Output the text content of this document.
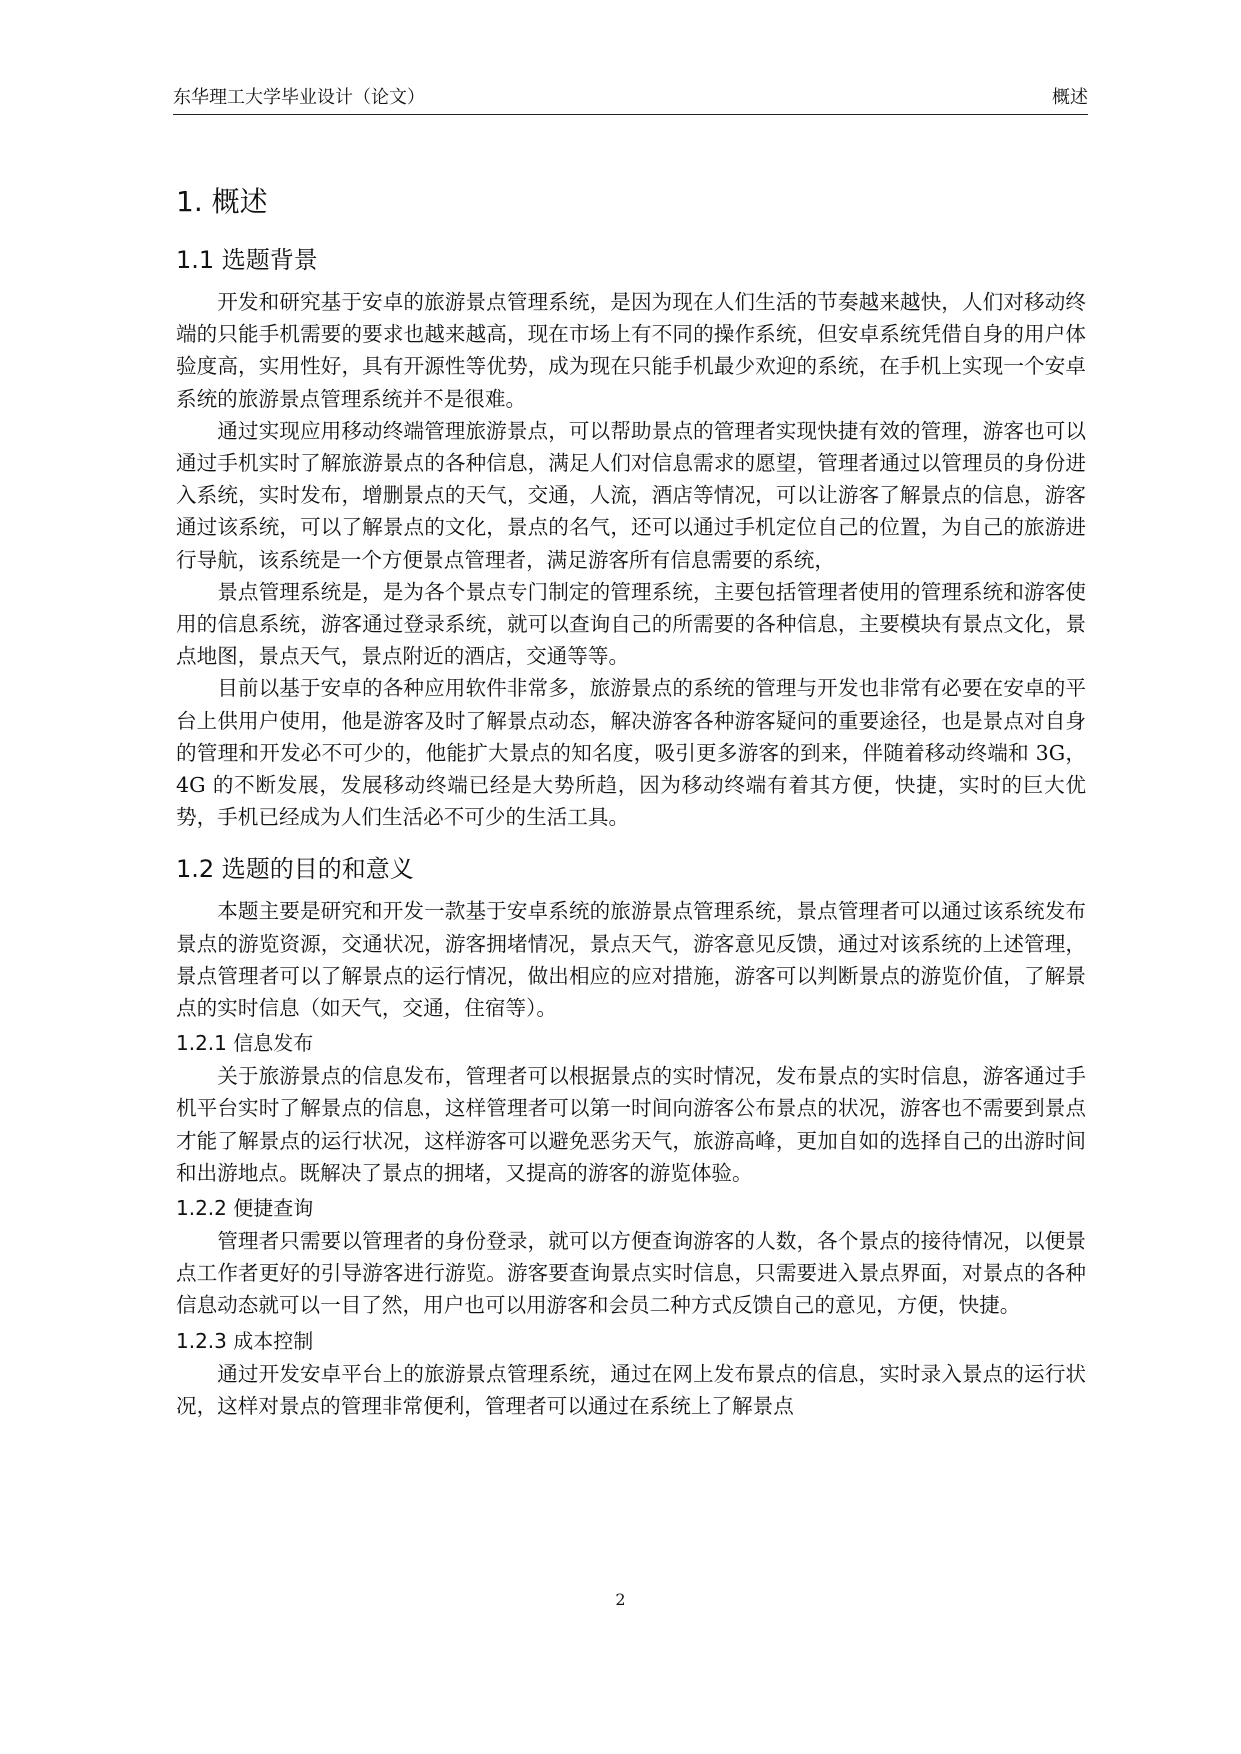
东华理工大学毕业设计（论文）	概述
1. 概述
1.1 选题背景

开发和研究基于安卓的旅游景点管理系统，是因为现在人们生活的节奏越来越快，人们对移动终端的只能手机需要的要求也越来越高，现在市场上有不同的操作系统，但安卓系统凭借自身的用户体验度高，实用性好，具有开源性等优势，成为现在只能手机最少欢迎的系统，在手机上实现一个安卓系统的旅游景点管理系统并不是很难。

通过实现应用移动终端管理旅游景点，可以帮助景点的管理者实现快捷有效的管理，游客也可以通过手机实时了解旅游景点的各种信息，满足人们对信息需求的愿望，管理者通过以管理员的身份进入系统，实时发布，增删景点的天气，交通，人流，酒店等情况，可以让游客了解景点的信息，游客通过该系统，可以了解景点的文化，景点的名气，还可以通过手机定位自己的位置，为自己的旅游进行导航，该系统是一个方便景点管理者，满足游客所有信息需要的系统，

景点管理系统是，是为各个景点专门制定的管理系统，主要包括管理者使用的管理系统和游客使用的信息系统，游客通过登录系统，就可以查询自己的所需要的各种信息，主要模块有景点文化，景点地图，景点天气，景点附近的酒店，交通等等。

目前以基于安卓的各种应用软件非常多，旅游景点的系统的管理与开发也非常有必要在安卓的平台上供用户使用，他是游客及时了解景点动态，解决游客各种游客疑问的重要途径，也是景点对自身的管理和开发必不可少的，他能扩大景点的知名度，吸引更多游客的到来，伴随着移动终端和 3G，4G 的不断发展，发展移动终端已经是大势所趋，因为移动终端有着其方便，快捷，实时的巨大优势，手机已经成为人们生活必不可少的生活工具。

1.2 选题的目的和意义

本题主要是研究和开发一款基于安卓系统的旅游景点管理系统，景点管理者可以通过该系统发布景点的游览资源，交通状况，游客拥堵情况，景点天气，游客意见反馈，通过对该系统的上述管理，景点管理者可以了解景点的运行情况，做出相应的应对措施，游客可以判断景点的游览价值，了解景点的实时信息（如天气，交通，住宿等）。

1.2.1 信息发布

关于旅游景点的信息发布，管理者可以根据景点的实时情况，发布景点的实时信息，游客通过手机平台实时了解景点的信息，这样管理者可以第一时间向游客公布景点的状况，游客也不需要到景点才能了解景点的运行状况，这样游客可以避免恶劣天气，旅游高峰，更加自如的选择自己的出游时间和出游地点。既解决了景点的拥堵，又提高的游客的游览体验。

1.2.2 便捷查询

管理者只需要以管理者的身份登录，就可以方便查询游客的人数，各个景点的接待情况，以便景点工作者更好的引导游客进行游览。游客要查询景点实时信息，只需要进入景点界面，对景点的各种信息动态就可以一目了然，用户也可以用游客和会员二种方式反馈自己的意见，方便，快捷。

1.2.3 成本控制

通过开发安卓平台上的旅游景点管理系统，通过在网上发布景点的信息，实时录入景点的运行状况，这样对景点的管理非常便利，管理者可以通过在系统上了解景点

2
